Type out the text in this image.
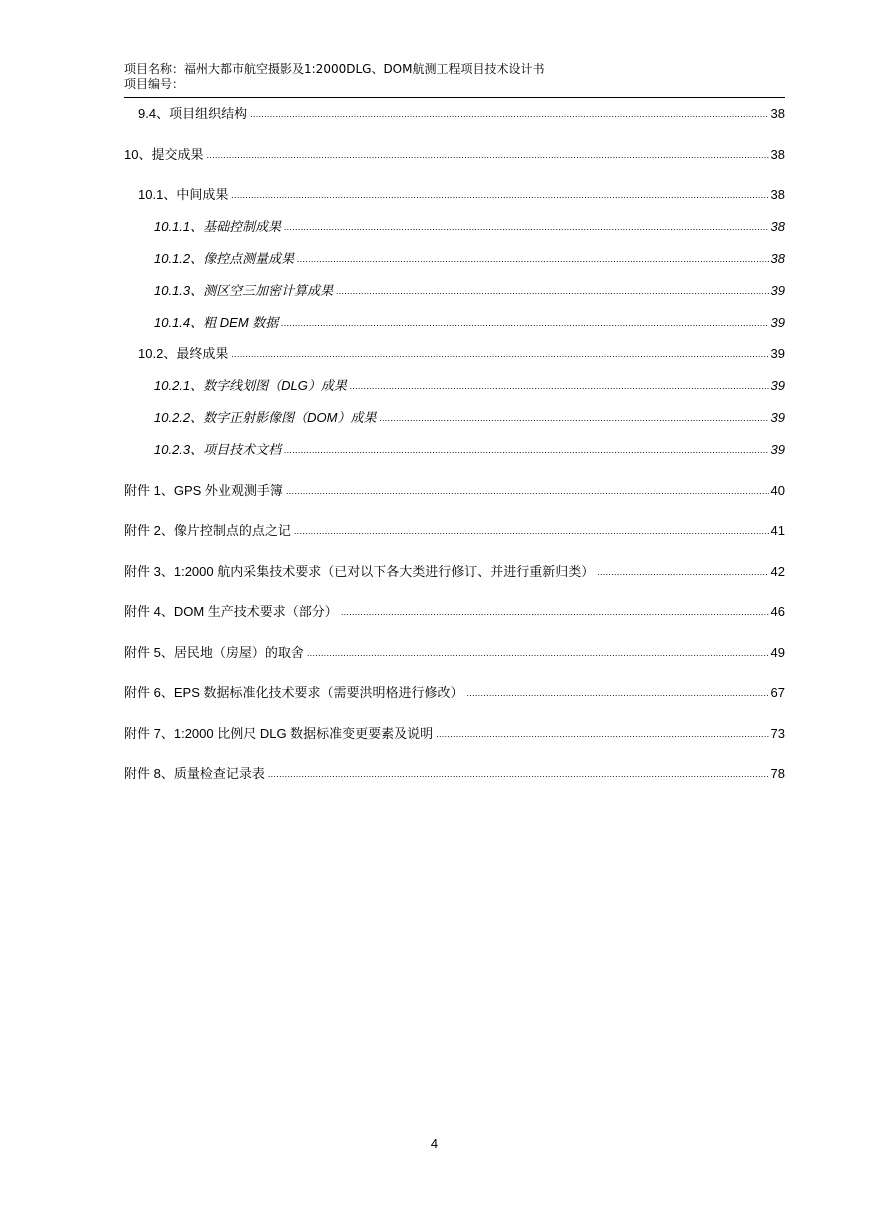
项目名称：福州大都市航空摄影及1:2000DLG、DOM航测工程项目技术设计书
项目编号：
9.4 、 项目组织结构 .....	38
10 、 提交成果 .....	38
10.1 、 中间成果 .....	38
10.1.1 、 基础控制成果 .....	38
10.1.2 、 像控点测量成果 .....	38
10.1.3 、 测区空三加密计算成果 .....	39
10.1.4 、 粗 DEM 数据 .....	39
10.2 、 最终成果 .....	39
10.2.1 、 数字线划图（DLG）成果 .....	39
10.2.2 、 数字正射影像图（DOM）成果 .....	39
10.2.3 、 项目技术文档 .....	39
附件 1 、 GPS 外业观测手簿 .....	40
附件 2 、 像片控制点的点之记 .....	41
附件 3 、 1:2000 航内采集技术要求（已对以下各大类进行修订、并进行重新归类） .....	42
附件 4 、 DOM 生产技术要求（部分） .....	46
附件 5 、 居民地（房屋）的取舍 .....	49
附件 6 、 EPS 数据标准化技术要求（需要洪明格进行修改） .....	67
附件 7 、 1:2000 比例尺 DLG 数据标准变更要素及说明 .....	73
附件 8 、 质量检查记录表 .....	78
4
